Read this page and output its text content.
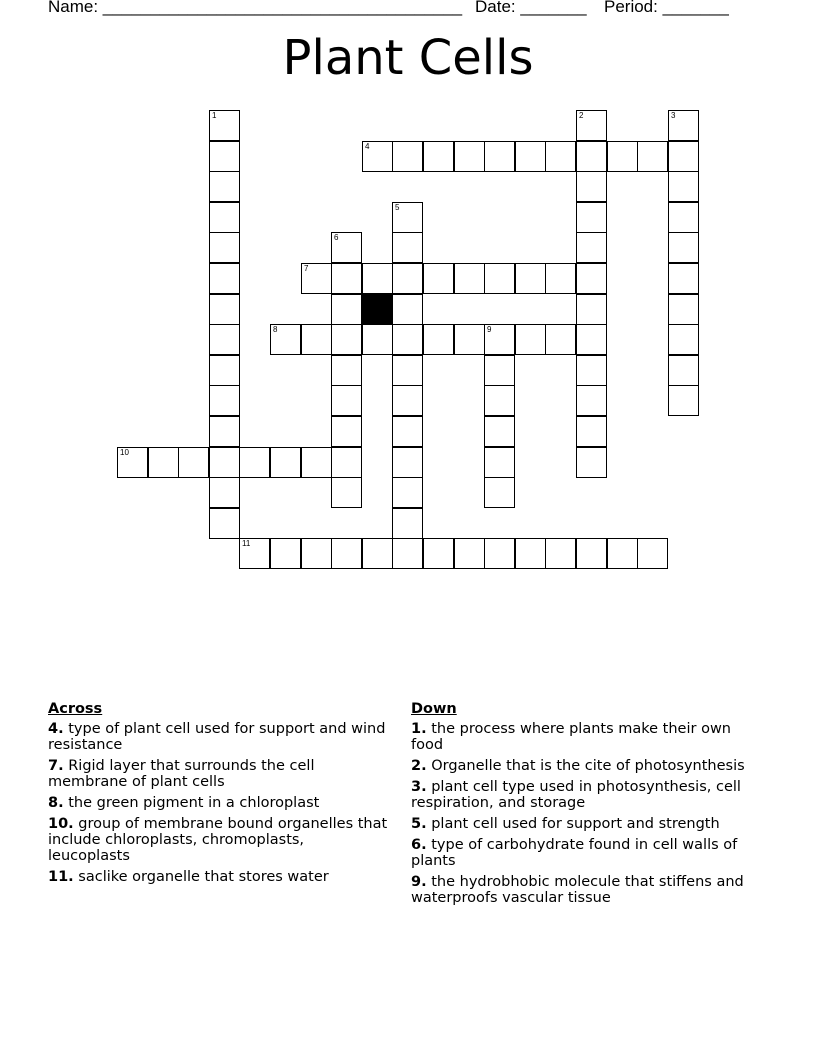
Name: ______________________________________ Date: _______ Period: _______
Plant Cells
1	2	3
4
5
6
7
8	9
10
11
Across
4. type of plant cell used for support and wind resistance
7. Rigid layer that surrounds the cell membrane of plant cells
8. the green pigment in a chloroplast
10. group of membrane bound organelles that include chloroplasts, chromoplasts, leucoplasts
11. saclike organelle that stores water
Down
1. the process where plants make their own food
2. Organelle that is the cite of photosynthesis
3. plant cell type used in photosynthesis, cell respiration, and storage
5. plant cell used for support and strength
6. type of carbohydrate found in cell walls of plants
9. the hydrobhobic molecule that stiffens and waterproofs vascular tissue
